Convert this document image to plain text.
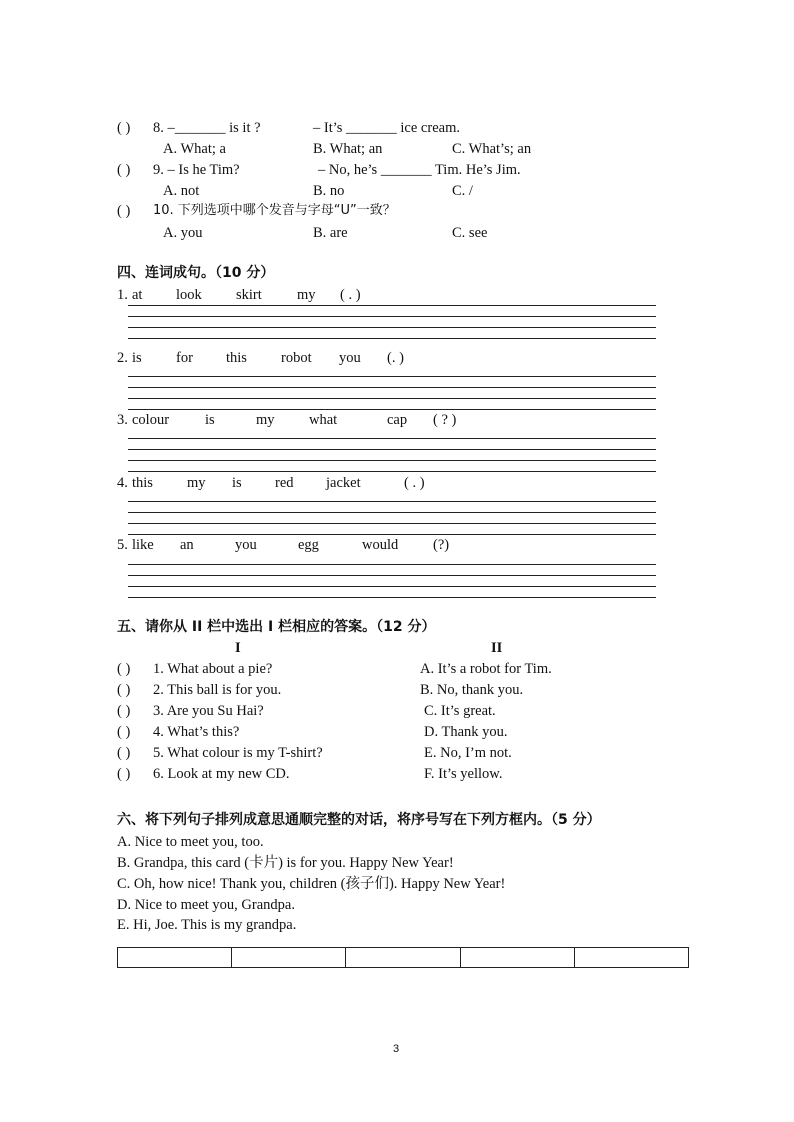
( ) 8. –_______ is it ?	– It’s _______ ice cream.
A. What; a	B. What; an	C. What’s; an
( ) 9. – Is he Tim?	– No, he’s _______ Tim. He’s Jim.
A. not	B. no	C. /
( ) 10. 下列选项中哪个发音与字母“U”一致？
A. you	B. are	C. see
四、连词成句。（10 分）
1. at look skirt my ( . )
2. is for this robot you (. )
3. colour is	my what	cap ( ? )
4. this my is red jacket	( . )
5. like an	you	egg	would (?)
五、请你从 II 栏中选出 I 栏相应的答案。（12 分）
I	II
( ) 1. What about a pie?	A. It’s a robot for Tim.
( ) 2. This ball is for you.	B. No, thank you.
( ) 3. Are you Su Hai?	C. It’s great.
( ) 4. What’s this?	D. Thank you.
( ) 5. What colour is my T-shirt?	E. No, I’m not.
( ) 6. Look at my new CD.	F. It’s yellow.
六、将下列句子排列成意思通顺完整的对话，将序号写在下列方框内。（5 分）
A. Nice to meet you, too.
B. Grandpa, this card (卡片) is for you. Happy New Year!
C. Oh, how nice! Thank you, children (孩子们). Happy New Year!
D. Nice to meet you, Grandpa.
E. Hi, Joe. This is my grandpa.
3
